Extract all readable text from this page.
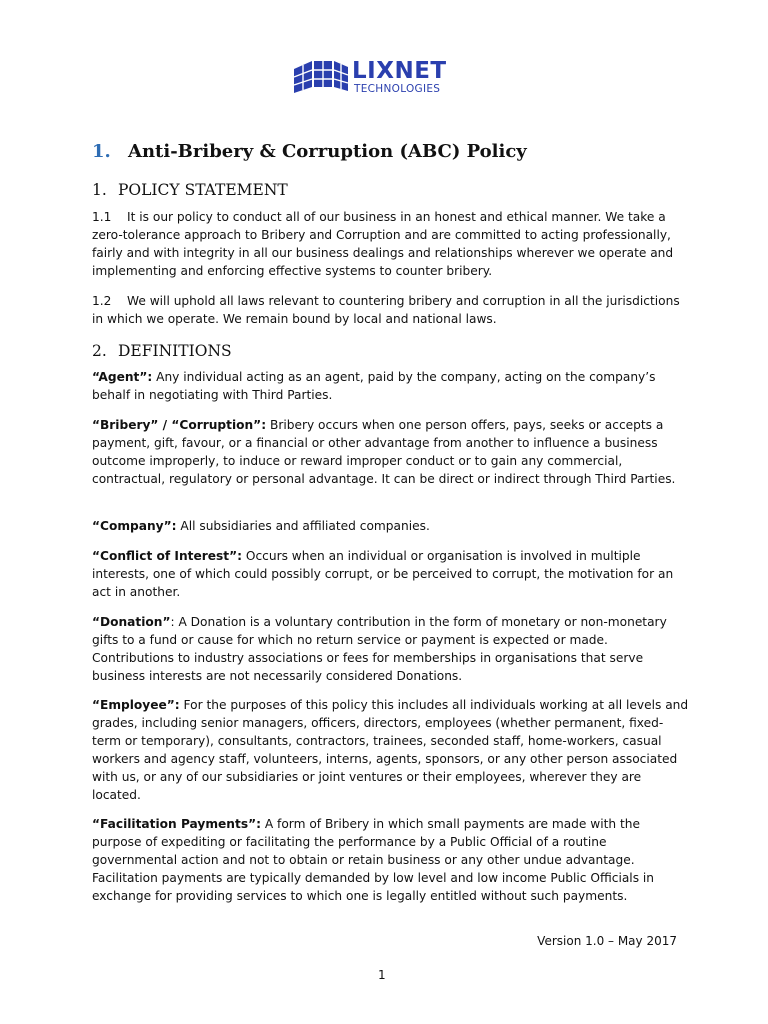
LIXNET
TECHNOLOGIES
1. Anti-Bribery & Corruption (ABC) Policy
1. POLICY STATEMENT
1.1 It is our policy to conduct all of our business in an honest and ethical manner. We take a zero-tolerance approach to Bribery and Corruption and are committed to acting professionally, fairly and with integrity in all our business dealings and relationships wherever we operate and implementing and enforcing effective systems to counter bribery.
1.2 We will uphold all laws relevant to countering bribery and corruption in all the jurisdictions in which we operate. We remain bound by local and national laws.
2. DEFINITIONS
“Agent”: Any individual acting as an agent, paid by the company, acting on the company’s behalf in negotiating with Third Parties.
“Bribery” / “Corruption”: Bribery occurs when one person offers, pays, seeks or accepts a payment, gift, favour, or a financial or other advantage from another to influence a business outcome improperly, to induce or reward improper conduct or to gain any commercial, contractual, regulatory or personal advantage. It can be direct or indirect through Third Parties.
“Company”: All subsidiaries and affiliated companies.
“Conflict of Interest”: Occurs when an individual or organisation is involved in multiple interests, one of which could possibly corrupt, or be perceived to corrupt, the motivation for an act in another.
“Donation”: A Donation is a voluntary contribution in the form of monetary or non-monetary gifts to a fund or cause for which no return service or payment is expected or made. Contributions to industry associations or fees for memberships in organisations that serve business interests are not necessarily considered Donations.
“Employee”: For the purposes of this policy this includes all individuals working at all levels and grades, including senior managers, officers, directors, employees (whether permanent, fixed-term or temporary), consultants, contractors, trainees, seconded staff, home-workers, casual workers and agency staff, volunteers, interns, agents, sponsors, or any other person associated with us, or any of our subsidiaries or joint ventures or their employees, wherever they are located.
“Facilitation Payments”: A form of Bribery in which small payments are made with the purpose of expediting or facilitating the performance by a Public Official of a routine governmental action and not to obtain or retain business or any other undue advantage. Facilitation payments are typically demanded by low level and low income Public Officials in exchange for providing services to which one is legally entitled without such payments.
Version 1.0 – May 2017
1
